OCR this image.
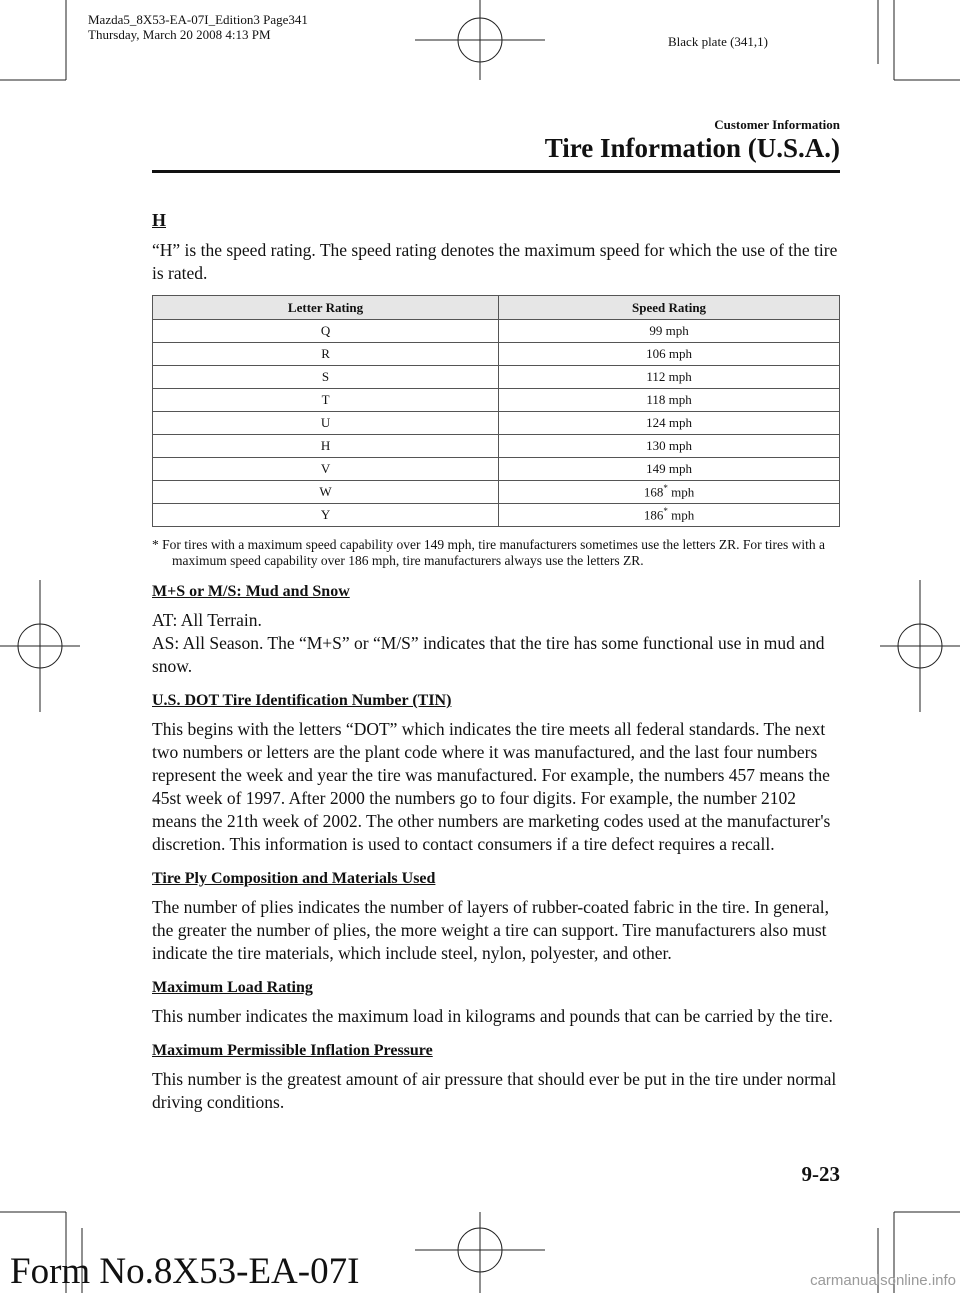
Mazda5_8X53-EA-07I_Edition3 Page341
Thursday, March 20 2008 4:13 PM	Black plate (341,1)
Customer Information
Tire Information (U.S.A.)
H

“H” is the speed rating. The speed rating denotes the maximum speed for which the use of the tire is rated.

Letter Rating	Speed Rating
Q	99 mph
R	106 mph
S	112 mph
T	118 mph
U	124 mph
H	130 mph
V	149 mph
W	168* mph
Y	186* mph
* For tires with a maximum speed capability over 149 mph, tire manufacturers sometimes use the letters ZR. For tires with a maximum speed capability over 186 mph, tire manufacturers always use the letters ZR.
M+S or M/S: Mud and Snow

AT: All Terrain.

AS: All Season. The “M+S” or “M/S” indicates that the tire has some functional use in mud and snow.

U.S. DOT Tire Identification Number (TIN)

This begins with the letters “DOT” which indicates the tire meets all federal standards. The next two numbers or letters are the plant code where it was manufactured, and the last four numbers represent the week and year the tire was manufactured. For example, the numbers 457 means the 45st week of 1997. After 2000 the numbers go to four digits. For example, the number 2102 means the 21th week of 2002. The other numbers are marketing codes used at the manufacturer's discretion. This information is used to contact consumers if a tire defect requires a recall.

Tire Ply Composition and Materials Used

The number of plies indicates the number of layers of rubber-coated fabric in the tire. In general, the greater the number of plies, the more weight a tire can support. Tire manufacturers also must indicate the tire materials, which include steel, nylon, polyester, and other.

Maximum Load Rating

This number indicates the maximum load in kilograms and pounds that can be carried by the tire.

Maximum Permissible Inflation Pressure

This number is the greatest amount of air pressure that should ever be put in the tire under normal driving conditions.

9-23
Form No.8X53-EA-07I	carmanualsonline.info
